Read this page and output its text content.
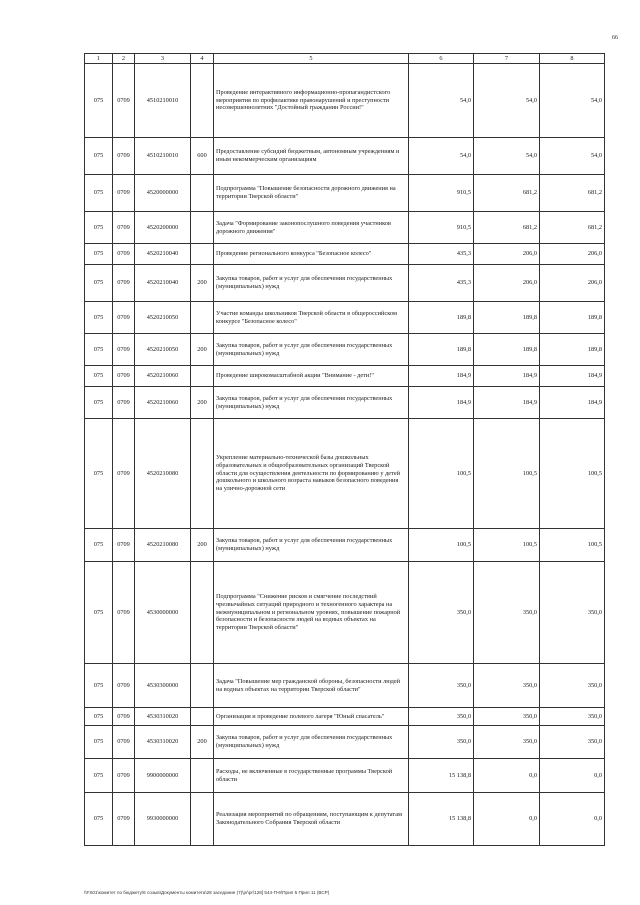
66
1	2	3	4	5	6	7	8
075	0709	4510210010		Проведение интерактивного информационно-пропагандистского мероприятия по профилактике правонарушений и преступности несовершеннолетних "Достойный гражданин России!"	54,0	54,0	54,0
075	0709	4510210010	600	Предоставление субсидий бюджетным, автономным учреждениям и иным некоммерческим организациям	54,0	54,0	54,0
075	0709	4520000000		Подпрограмма "Повышение безопасности дорожного движения на территории Тверской области"	910,5	681,2	681,2
075	0709	4520200000		Задача "Формирование законопослушного поведения участников дорожного движения"	910,5	681,2	681,2
075	0709	4520210040		Проведение регионального конкурса "Безопасное колесо"	435,3	206,0	206,0
075	0709	4520210040	200	Закупка товаров, работ и услуг для обеспечения государственных (муниципальных) нужд	435,3	206,0	206,0
075	0709	4520210050		Участие команды школьников Тверской области в общероссийском конкурсе "Безопасное колесо"	189,8	189,8	189,8
075	0709	4520210050	200	Закупка товаров, работ и услуг для обеспечения государственных (муниципальных) нужд	189,8	189,8	189,8
075	0709	4520210060		Проведение широкомасштабной акции "Внимание - дети!"	184,9	184,9	184,9
075	0709	4520210060	200	Закупка товаров, работ и услуг для обеспечения государственных (муниципальных) нужд	184,9	184,9	184,9
075	0709	4520210080		Укрепление материально-технической базы дошкольных образовательных и общеобразовательных организаций Тверской области для осуществления деятельности по формированию у детей дошкольного и школьного возраста навыков безопасного поведения на улично-дорожной сети	100,5	100,5	100,5
075	0709	4520210080	200	Закупка товаров, работ и услуг для обеспечения государственных (муниципальных) нужд	100,5	100,5	100,5
075	0709	4530000000		Подпрограмма "Снижение рисков и смягчение последствий чрезвычайных ситуаций природного и техногенного характера на межмуниципальном и региональном уровнях, повышение пожарной безопасности и безопасности людей на водных объектах на территории Тверской области"	350,0	350,0	350,0
075	0709	4530300000		Задача "Повышение мер гражданской обороны, безопасности людей на водных объектах на территории Тверской области"	350,0	350,0	350,0
075	0709	4530310020		Организация и проведение полевого лагеря "Юный спасатель"	350,0	350,0	350,0
075	0709	4530310020	200	Закупка товаров, работ и услуг для обеспечения государственных (муниципальных) нужд	350,0	350,0	350,0
075	0709	9900000000		Расходы, не включенные в государственные программы Тверской области	15 138,8	0,0	0,0
075	0709	9930000000		Реализация мероприятий по обращениям, поступающим к депутатам Законодательного Собрания Тверской области	15 138,8	0,0	0,0
\\FS01\комитет по бюджету\6 созыв\Документы комитета\28 заседание (7)\pr\pr\128] 544-П-6\Прил 5 Прил 11 (ВСР)
